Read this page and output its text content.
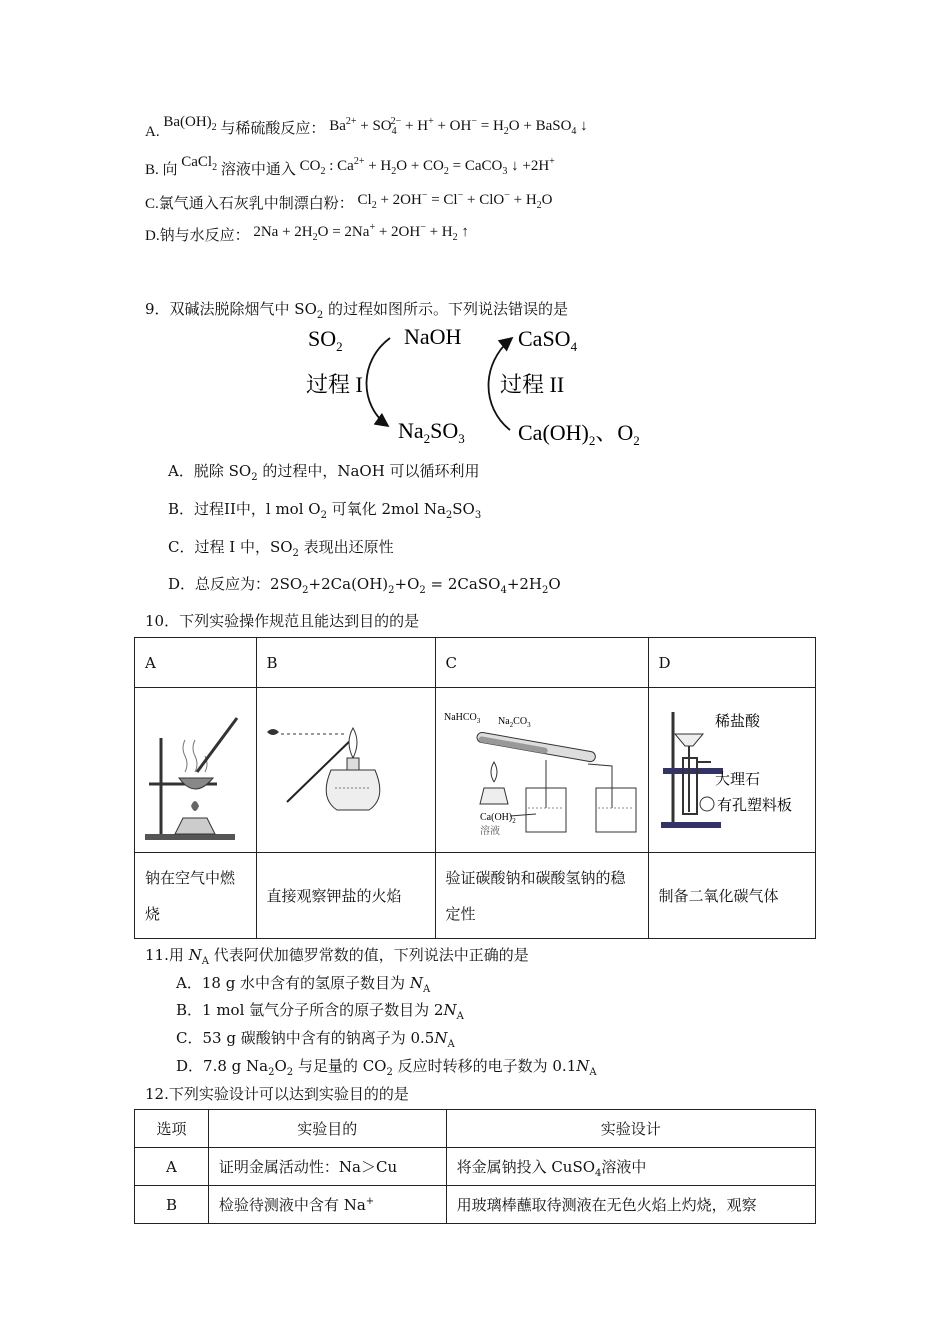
A. $Ba(OH)_2$ 与稀硫酸反应： $Ba^{2+} + SO_4^{2-} + H^+ + OH^- = H_2O$ + BaSO$_4$ ↓
B. 向 CaCl$_2$ 溶液中通入 $CO_2$ : $Ca^{2+} + H_2O + CO_2$ = CaCO$_3$ ↓ +2H+
C.氯气通入石灰乳中制漂白粉： $Cl_2 + 2OH^- = Cl^- + ClO^- + H_2O$
D.钠与水反应： $2Na + 2H_2O = 2Na^+ + 2OH^- + H_2$ ↑
9．双碱法脱除烟气中 $SO_2$ 的过程如图所示。下列说法错误的是
$SO_2$	NaOH	CaSO$_4$
过程 I	过程 II
$Na_2SO_3$ $Ca(OH)_2$、$O_2$
A．脱除 $SO_2$ 的过程中，NaOH 可以循环利用
B．过程II中，l mol $O_2$ 可氧化 2mol $Na_2SO_3$
C．过程 I 中，$SO_2$ 表现出还原性
D．总反应为：$2SO_2+2Ca(OH)_2+O_2$ = $2CaSO_4+2H_2O$
10．下列实验操作规范且能达到目的的是
A	B	C	D

NaHCO$_3$ $Na_2CO_3$
$Ca(OH)_2$
溶液	稀盐酸
大理石
有孔塑料板

钠在空气中燃烧	直接观察钾盐的火焰	验证碳酸钠和碳酸氢钠的稳定性	制备二氧化碳气体
11.用 $N_A$ 代表阿伏加德罗常数的值，下列说法中正确的是
A．18 g 水中含有的氢原子数目为 $N_A$
B．1 mol 氩气分子所含的原子数目为 $2N_A$
C．53 g 碳酸钠中含有的钠离子为 $0.5N_A$
D．7.8 g $Na_2O_2$ 与足量的 $CO_2$ 反应时转移的电子数为 $0.1N_A$
12.下列实验设计可以达到实验目的的是
选项	实验目的	实验设计
A	证明金属活动性：Na＞Cu	将金属钠投入 CuSO$_4$溶液中
B	检验待测液中含有 Na+	用玻璃棒蘸取待测液在无色火焰上灼烧，观察
